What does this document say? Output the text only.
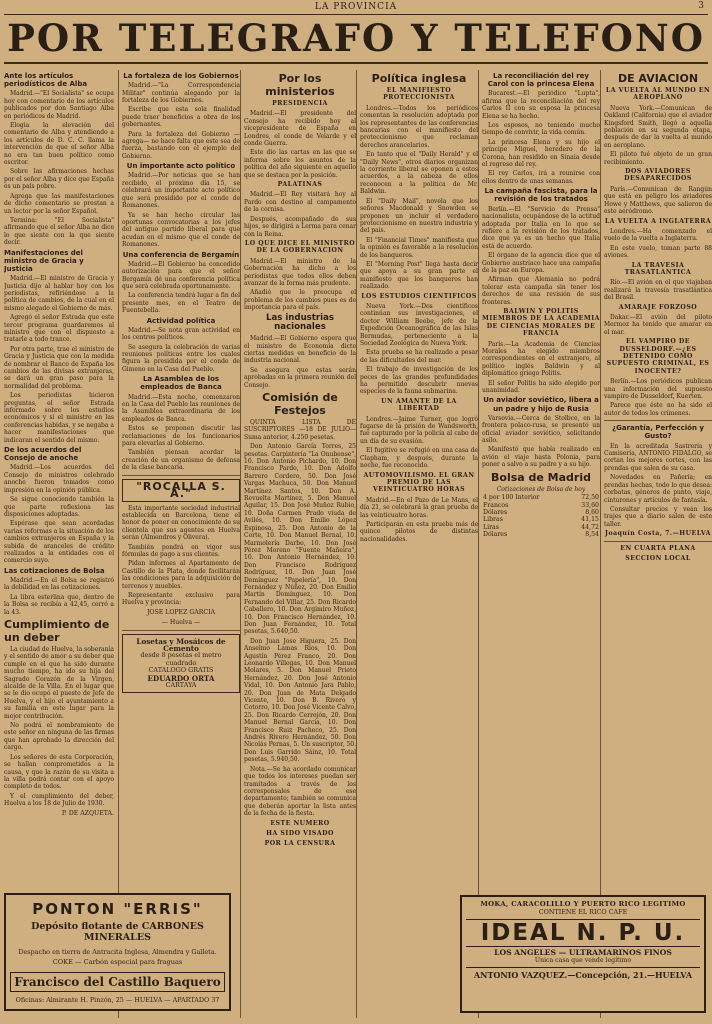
LA PROVINCIA	3
POR TELEGRAFO Y TELEFONO
Ante los artículos periodísticos de Alba

Madrid.—"El Socialista" se ocupa hoy con comentario de los artículos publicados por don Santiago Alba en periódicos de Madrid.

Elogia la elevación del comentario de Alba y atendiendo a los artículos de D. C. C. llama la intervención de que el señor Alba no era tan buen político como escritor.

Sobre las afirmaciones hechas por el señor Alba y dice que España es un país pobre.

Agrega que las manifestaciones de dicho comentario se prestan a un lector por la señor Español.

Termina: "El Socialista" afirmando que el señor Alba no dice lo que siente con la que siente decir.

Manifestaciones del ministro de Gracia y Justicia

Madrid.—El ministro de Gracia y Justicia dijo al hablar hoy con los periodistas, refiriéndose a la política de cambios, de la cual en el mismo alegado el Gobierno de más.

Agregó el señor Estrada que este tercer programa guardaremos al ministro que con el dispuesto a tratarle a todo trance.

Por otra parte, trae el ministro de Gracia y Justicia que con la medida de nombrar el Banco de España los cambios de las divisas extranjeras, se dará un gran paso para la normalidad del problema.

Los periodistas hicieron preguntas, el señor Estrada informado sobre los estudios económicos y si el ministro en las conferencias habidas, y se negaba a hacer manifestaciones que indicaran el sentido del mismo.

De los acuerdos del Consejo de anoche

Madrid.—Los acuerdos del Consejo de ministros celebrado anoche fueron tomados como impresión en la opinión pública.

Se sigue conociendo también la que parte reflexiona las disposiciones adoptadas.

Espérase que sean acordadas varias reformas a la situación de los cambios extranjeros en España y la subida de aranceles de crédito realizados a la entidades con el comercio suyo.

Las cotizaciones de Bolsa

Madrid.—En el Bolsa se registró la debilidad en las cotizaciones.

La libra esterlina que, dentro de la Bolsa se recibía a 42,45, cerró a la 43.

Cumplimiento de un deber

La ciudad de Huelva, la soberanía y el sentido de amor a su deber que cumple en el que ha sido durante mucho tiempo, ha ido su hija del Sagrado Corazón de la Virgen, alcalde de la Villa. En el lugar que se le dio ocupó el puesto de Jefe de Huelva, y el hijo el ayuntamiento a su familia en este lugar para la mejor contribución.

No podrá el nombramiento de este señor en ninguna de las firmas que han aprobado la dirección del cargo.

Los señores de esta Corporación, se hallan comprometidos a la causa, y que la razón de su visita a la villa podrá contar con el apoyo completo de todos.

Y el cumplimiento del deber, Huelva a los 18 de Julio de 1930.

P. DE AZQUETA.
La fortaleza de los Gobiernos

Madrid.—"La Correspondencia Militar" continúa alegando por la fortaleza de los Gobiernos.

Escribe que esta sola finalidad puede traer beneficios a obra de los gobernantes.

Para la fortaleza del Gobierno —agrega— no hace falta que este sea de fuerza, bastando con el ejemplo del Gobierno.

Un importante acto político

Madrid.—Por noticias que se han recibido, el próximo día 15, se celebrará un importante acto político que será presidido por el conde de Romanones.

Ya se han hecho circular las oportunas convocatorias a los jefes del antiguo partido liberal para que acudan en el mismo que el conde de Romanones.

Una conferencia de Bergamín

Madrid.—El Gobierno ha concedido autorización para que el señor Bergamín dé una conferencia política que será celebrada oportunamente.

La conferencia tendrá lugar a fin del presente mes, en el Teatro de Fuentebella.

Actividad política

Madrid.—Se nota gran actividad en los centros políticos.

Se asegura la celebración de varias reuniones políticas entre los cuales figura la presidida por el conde de Gimeno en la Casa del Pueblo.

La Asamblea de los empleados de Banca

Madrid.—Esta noche, comenzaron en la Casa del Pueblo las reuniones de la Asamblea extraordinaria de los empleados de Banca.

Estos se proponen discutir las reclamaciones de los funcionarios para elevarlas al Gobierno.

También piensan acordar la creación de un organismo de defensa de la clase bancaria.

"ROCALLA S. A."

Esta importante sociedad industrial establecida en Barcelona, tiene el honor de poner en conocimiento de su clientela que sus agentes en Huelva serán (Almendros y Olivera).

También pondrá en vigor sus fórmulas de pago a sus clientes.

Pidan informes al Apartamento de Castillo de la Plata, donde facilitarán las condiciones para la adquisición de terrenos y muebles.

Representante exclusivo para Huelva y provincia:

JOSE LOPEZ GARCIA
— Huelva —
Losetas y Mosáicos de Cemento
desde 8 pesetas el metro cuadrado
CATALOGO GRATIS
EDUARDO ORTA
CARTAYA
Por los ministerios
PRESIDENCIA

Madrid.—El presidente del Consejo ha recibido hoy al vicepresidente de España en Londres, el conde de Velarde y el conde Guerra.

Este dio las cartas en las que se informa sobre los asuntos de la política del año siguiente en aquello que se destaca por la posición.

PALATINAS

Madrid.—El Rey visitará hoy al Pardo con destino al campamento de la cornisa.

Después, acompañado de sus hijos, se dirigirá a Lerma para cenar con la Reina.

LO QUE DICE EL MINISTRO DE LA GOBERNACION

Madrid.—El ministro de la Gobernación ha dicho a los periodistas que todos ellos deben avanzar de la forma más prudente.

Añadió que le preocupa el problema de los cambios pues es de importancia para el país.

Las industrias nacionales

Madrid.—El Gobierno espera que el ministro de Economía dicte ciertas medidas en beneficio de la industria nacional.

Se asegura que estas serán aprobadas en la primera reunión del Consejo.

Comisión de Festejos

QUINTA LISTA DE SUSCRIPTORES —18 DE JULIO— Suma anterior, 4.250 pesetas.

Don Antonio García Torres, 25 pesetas. Carpintería "La Onubense", 10. Don Antonio Pichardo, 10. Don Francisco Pardo, 10. Don Adolfo Barrero Cordero, 50. Don José Vargas Machuca, 50. Don Manuel Martínez Santos, 10. Don A. Revuelta Martínez, 5. Don Manuel Aguilar, 15. Don José Muñoz Rubio, 10. Doña Carmen Prado viuda de Avilés, 10. Don Emilio López Espinosa, 25. Don Antonio de la Corte, 10. Don Manuel Bernal, 10. Marmolería Darbo, 10. Don José Pérez Moreno "Fuente Mañeira", 10. Don Antonio Hernández, 10. Don Francisco Rodríguez Rodríguez, 10. Don Juan José Domínguez "Papelería", 10. Don Fernández y Núñez, 20. Don Emilio Martín Domínguez, 10. Don Fernando del Villar, 25. Don Ricardo Caballero, 10. Don Argimiro Muñoz, 10. Don Francisco Hernández, 10. Don Juan Fernández, 10. Total pesetas, 5.640,50.

Don Juan Jose Higuera, 25. Don Anselmo Lamas Ríos, 10. Don Agustín Pérez Franco, 20. Don Leonardo Villegas, 10. Don Manuel Molares, 5. Don Manuel Prieto Hernández, 20. Don José Antonio Vidal, 10. Don Antonio Jara Pablo, 20. Don Juan de Mata Delgado Vicente, 10. Don B. Rivero y Cotorro, 10. Don José Vicente Calvo, 25. Don Ricardo Cerrejón, 20. Don Manuel Bernal García, 10. Don Francisco Ruiz Pacheco, 25. Don Andrés Rivero Hernández, 50. Don Nicolás Pernas, 5. Un suscriptor, 50. Don Luis Garrido Sáinz, 10. Total pesetas, 5.940,50.

Nota.—Se ha acordado comunicar que todos los intereses puedan ser tramitados a través de los corresponsales de ese departamento; también se comunica que deberán aportar la lista antes de la fecha de la fiesta.

ESTE NUMERO
HA SIDO VISADO
POR LA CENSURA
Política inglesa
EL MANIFIESTO PROTECCIONISTA

Londres.—Todos los periódicos comentan la resolución adoptada por los representantes de las conferencias bancarias con el manifiesto del proteccionismo que reclaman derechos arancelarios.

En tanto que el "Daily Herald" y el "Daily News", otros diarios organizan la corriente liberal se oponen a estos acuerdos, a la cabeza de ellos reconocen a la política de Mr. Baldwin.

El "Daily Mail", novela que los señores Macdonald y Snowden se proponen un incluir el verdadero proteccionismo en nuestra industria y del país.

El "Financial Times" manifiesta que la opinión es favorable a la resolución de los banqueros.

El "Morning Post" llega hasta decir que apoya a su gran parte el manifiesto que los banqueros han realizado.

LOS ESTUDIOS CIENTIFICOS

Nueva York.—Dos científicos continúan sus investigaciones, el doctor William Beebe, jefe de la Expedición Oceanográfica de las Islas Bermudas, perteneciente a la Sociedad Zoológica de Nueva York.

Esta prueba se ha realizado a pesar de las dificultades del mar.

El trabajo de investigación de los peces de las grandes profundidades ha permitido descubrir nuevas especies de la fauna submarina.

UN AMANTE DE LA LIBERTAD

Londres.—Jaime Turner, que logró fugarse de la prisión de Wandsworth, fué capturado por la policía al cabo de un día de su evasión.

El fugitivo se refugió en una casa de Clapham, y después, durante la noche, fue reconocido.

AUTOMOVILISMO. EL GRAN PREMIO DE LAS VEINTICUATRO HORAS

Madrid.—En el Pazo de Le Mans, el día 21, se celebrará la gran prueba de las veinticuatro horas.

Participarán en esta prueba más de quince pilotos de distintas nacionalidades.

La reconciliación del rey Carol con la princesa Elena

Bucarest.—El periódico "Lupta", afirma que la reconciliación del rey Carlos II con su esposa la princesa Elena se ha hecho.

Los esposos, no teniendo mucho tiempo de convivir, la vida común.

La princesa Elena y su hijo el príncipe Miguel, heredero de la Corona, han residido en Sinaia desde el regreso del rey.

El rey Carlos, irá a reunirse con ellos dentro de unas semanas.

La campaña fascista, para la revisión de los tratados

Berlín.—El "Servicio de Prensa" nacionalista, ocupándose de la actitud adoptada por Italia en lo que se refiere a la revisión de los tratados, dice que ya es un hecho que Italia está de acuerdo.

El órgano de la agencia dice que el Gobierno austríaco hace una campaña de la paz en Europa.

Afirman que Alemania no podrá tolerar esta campaña sin tener los derechos de una revisión de sus fronteras.

BALWIN Y POLITIS MIEMBROS DE LA ACADEMIA DE CIENCIAS MORALES DE FRANCIA

París.—La Academia de Ciencias Morales ha elegido miembros correspondientes en el extranjero, al político inglés Baldwin y al diplomático griego Politis.

El señor Politis ha sido elegido por unanimidad.

Un aviador soviético, libera a un padre y hijo de Rusia

Varsovia.—Cerca de Stolbce, en la frontera polaco-rusa, se presentó un oficial aviador soviético, solicitando asilo.

Manifestó que había realizado en avión el viaje hasta Polonia, para poner a salvo a su padre y a su hijo.

Bolsa de Madrid
Cotizaciones de Bolsa de hoy
4 por 100 Interior	72,50
Francos	33,60
Dólares	8,60
Libras	41,15
Liras	44,72
Dólares	8,54
DE AVIACION
LA VUELTA AL MUNDO EN AEROPLANO

Nueva York.—Comunican de Oakland (California) que el aviador Kingsford Smith, llegó a aquella población en su segunda etapa, después de dar la vuelta al mundo en aeroplano.

El piloto fué objeto de un gran recibimiento.

DOS AVIADORES DESAPARECIDOS

París.—Comunican de Rangún que está en peligro los aviadores Howe y Matthews, que salieron de este aeródromo.

LA VUELTA A INGLATERRA

Londres.—Ha comenzado el vuelo de la vuelta a Inglaterra.

En este vuelo, toman parte 88 aviones.

LA TRAVESIA TRASATLANTICA

Río.—El avión en el que viajaban realizará la travesía trasatlántica del Brasil.

AMARAJE FORZOSO

Dakar.—El avión del piloto Mermoz ha tenido que amarar en el mar.

EL VAMPIRO DE DUSSELDORF.—¿ES DETENIDO COMO SUPUESTO CRIMINAL, ES INOCENTE?

Berlín.—Los periódicos publican una información del supuesto vampiro de Dusseldorf, Kuerten.

Parece que éste no ha sido el autor de todos los crímenes.

¿Garantía, Perfección y Gusto?

En la acreditada Sastrería y Camisería, ANTONIO FIDALGO, se cortan los mejores cortes, con las prendas que salen de su casa.

Novedades en Pañería; en prendas hechas, todo lo que desea: corbatas, géneros de punto, viaje, cinturones y artículos de fantasía.

Consultar precios y veán los trajes que a diario salen de este taller.

Joaquín Costa, 7.—HUELVA
EN CUARTA PLANA
SECCION LOCAL
PONTON "ERRIS"
Depósito flotante de CARBONES MINERALES
Despacho en tierra de Antracita Inglesa, Almendra y Galleta.
COKE — Carbón especial para fraguas
Francisco del Castillo Baquero
Oficinas: Almirante H. Pinzón, 25 — HUELVA — APARTADO 37
MOKA, CARACOLILLO Y PUERTO RICO LEGITIMO
CONTIENE EL RICO CAFE
IDEAL N. P. U.
LOS ANGELES — ULTRAMARINOS FINOS
Única casa que vende legítimo
ANTONIO VAZQUEZ.—Concepción, 21.—HUELVA
